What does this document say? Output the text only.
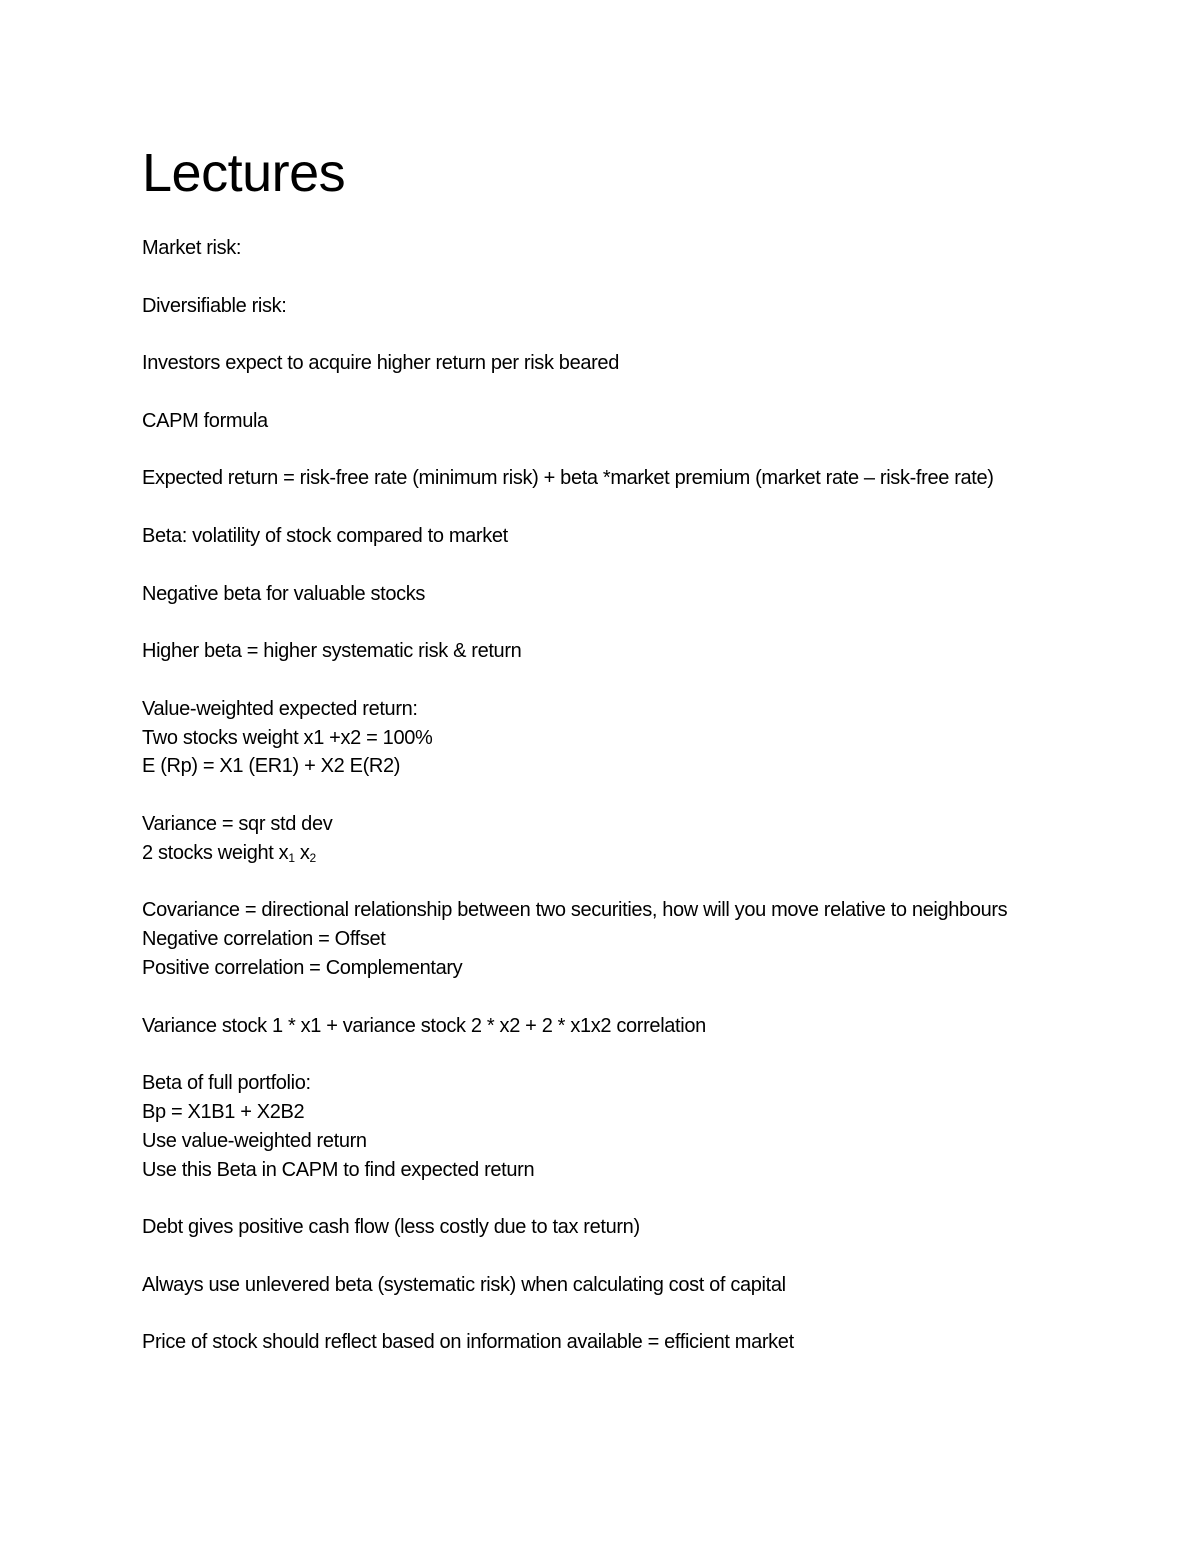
Lectures
Market risk:
Diversifiable risk:
Investors expect to acquire higher return per risk beared
CAPM formula
Expected return = risk-free rate (minimum risk) + beta *market premium (market rate – risk-free rate)
Beta: volatility of stock compared to market
Negative beta for valuable stocks
Higher beta = higher systematic risk & return
Value-weighted expected return:
Two stocks weight x1 +x2 = 100%
E (Rp) = X1 (ER1) + X2 E(R2)
Variance = sqr std dev
2 stocks weight $x_1$ $x_2$
Covariance = directional relationship between two securities, how will you move relative to neighbours
Negative correlation = Offset
Positive correlation = Complementary
Variance stock 1 * x1 + variance stock 2 * x2 + 2 * x1x2 correlation
Beta of full portfolio:
Bp = X1B1 + X2B2
Use value-weighted return
Use this Beta in CAPM to find expected return
Debt gives positive cash flow (less costly due to tax return)
Always use unlevered beta (systematic risk) when calculating cost of capital
Price of stock should reflect based on information available = efficient market
